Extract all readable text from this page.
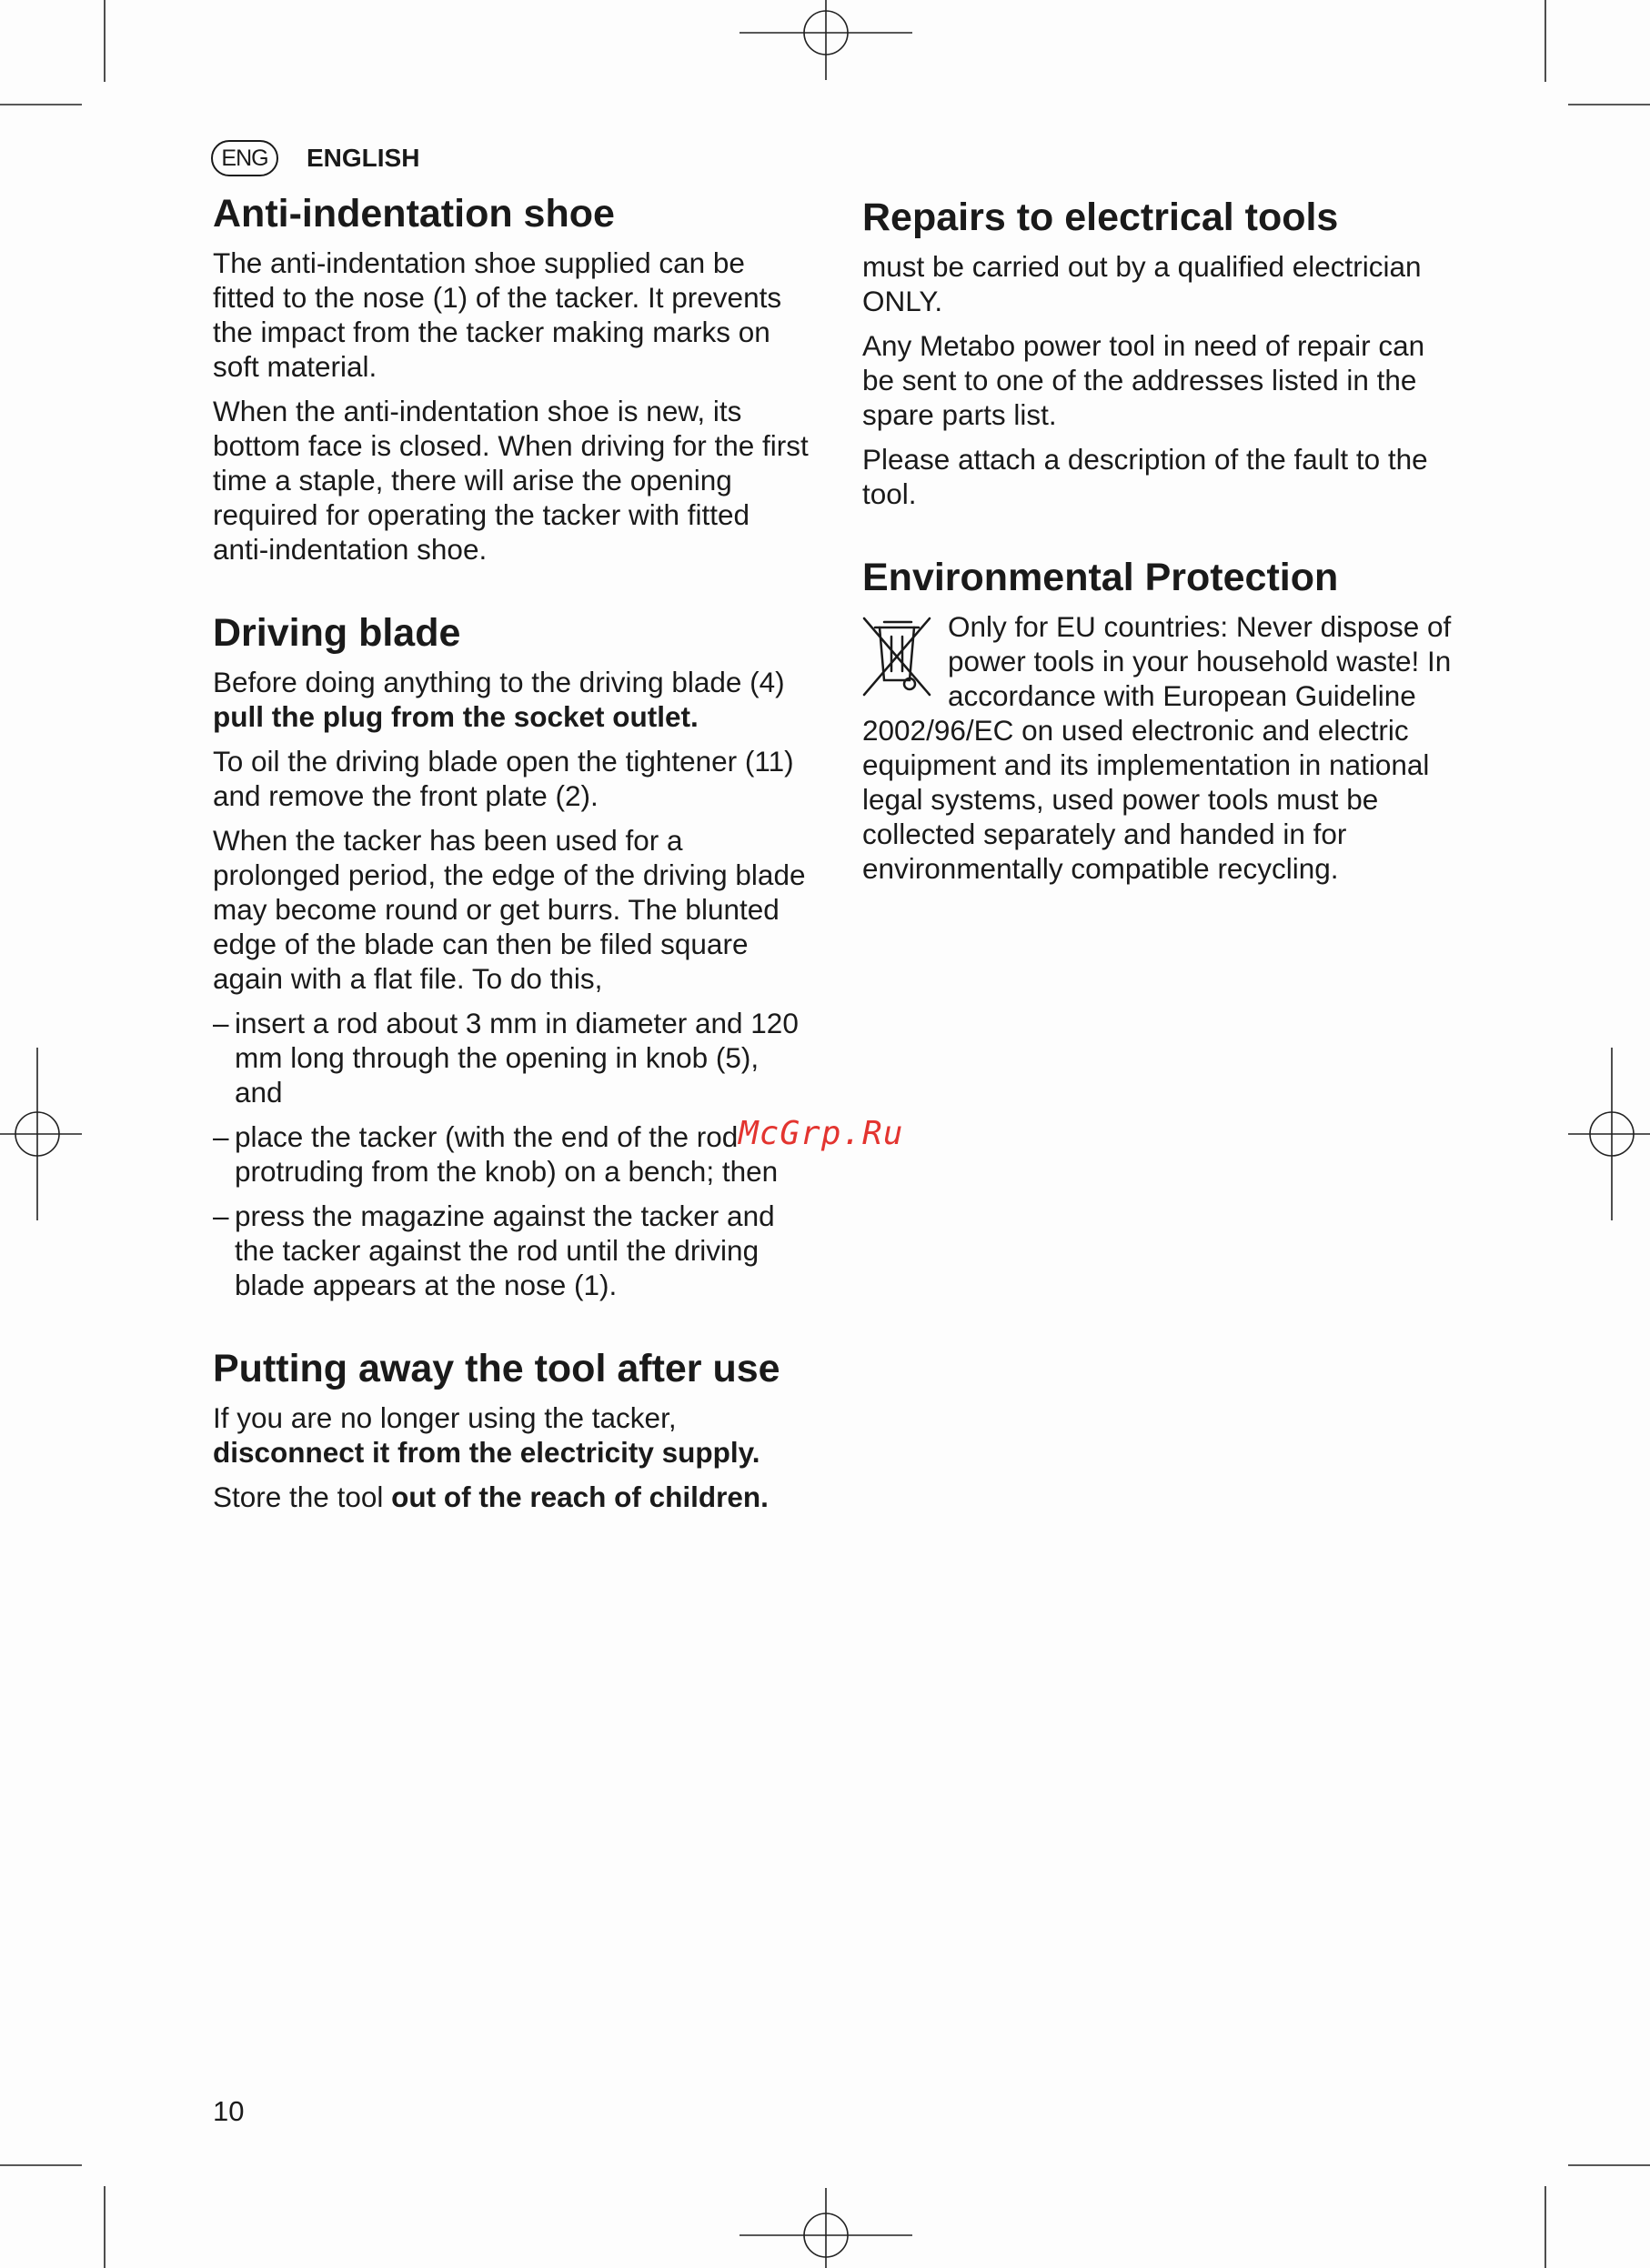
ENG	ENGLISH
Anti-indentation shoe

The anti-indentation shoe supplied can be fitted to the nose (1) of the tacker. It prevents the impact from the tacker making marks on soft material.

When the anti-indentation shoe is new, its bottom face is closed. When driving for the first time a staple, there will arise the opening required for operating the tacker with fitted anti-indentation shoe.

Driving blade

Before doing anything to the driving blade (4)
pull the plug from the socket outlet.

To oil the driving blade open the tightener (11) and remove the front plate (2).

When the tacker has been used for a prolonged period, the edge of the driving blade may become round or get burrs. The blunted edge of the blade can then be filed square again with a flat file. To do this,

– insert a rod about 3 mm in diameter and 120 mm long through the opening in knob (5), and
– place the tacker (with the end of the rod protruding from the knob) on a bench; then
– press the magazine against the tacker and the tacker against the rod until the driving blade appears at the nose (1).
Putting away the tool after use

If you are no longer using the tacker,
disconnect it from the electricity supply.

Store the tool out of the reach of children.

Repairs to electrical tools

must be carried out by a qualified electrician ONLY.

Any Metabo power tool in need of repair can be sent to one of the addresses listed in the spare parts list.

Please attach a description of the fault to the tool.

Environmental Protection

Only for EU countries: Never dispose of power tools in your household waste! In accordance with European Guideline 2002/96/EC on used electronic and electric equipment and its implementation in national legal systems, used power tools must be collected separately and handed in for environmentally compatible recycling.

McGrp.Ru
10
